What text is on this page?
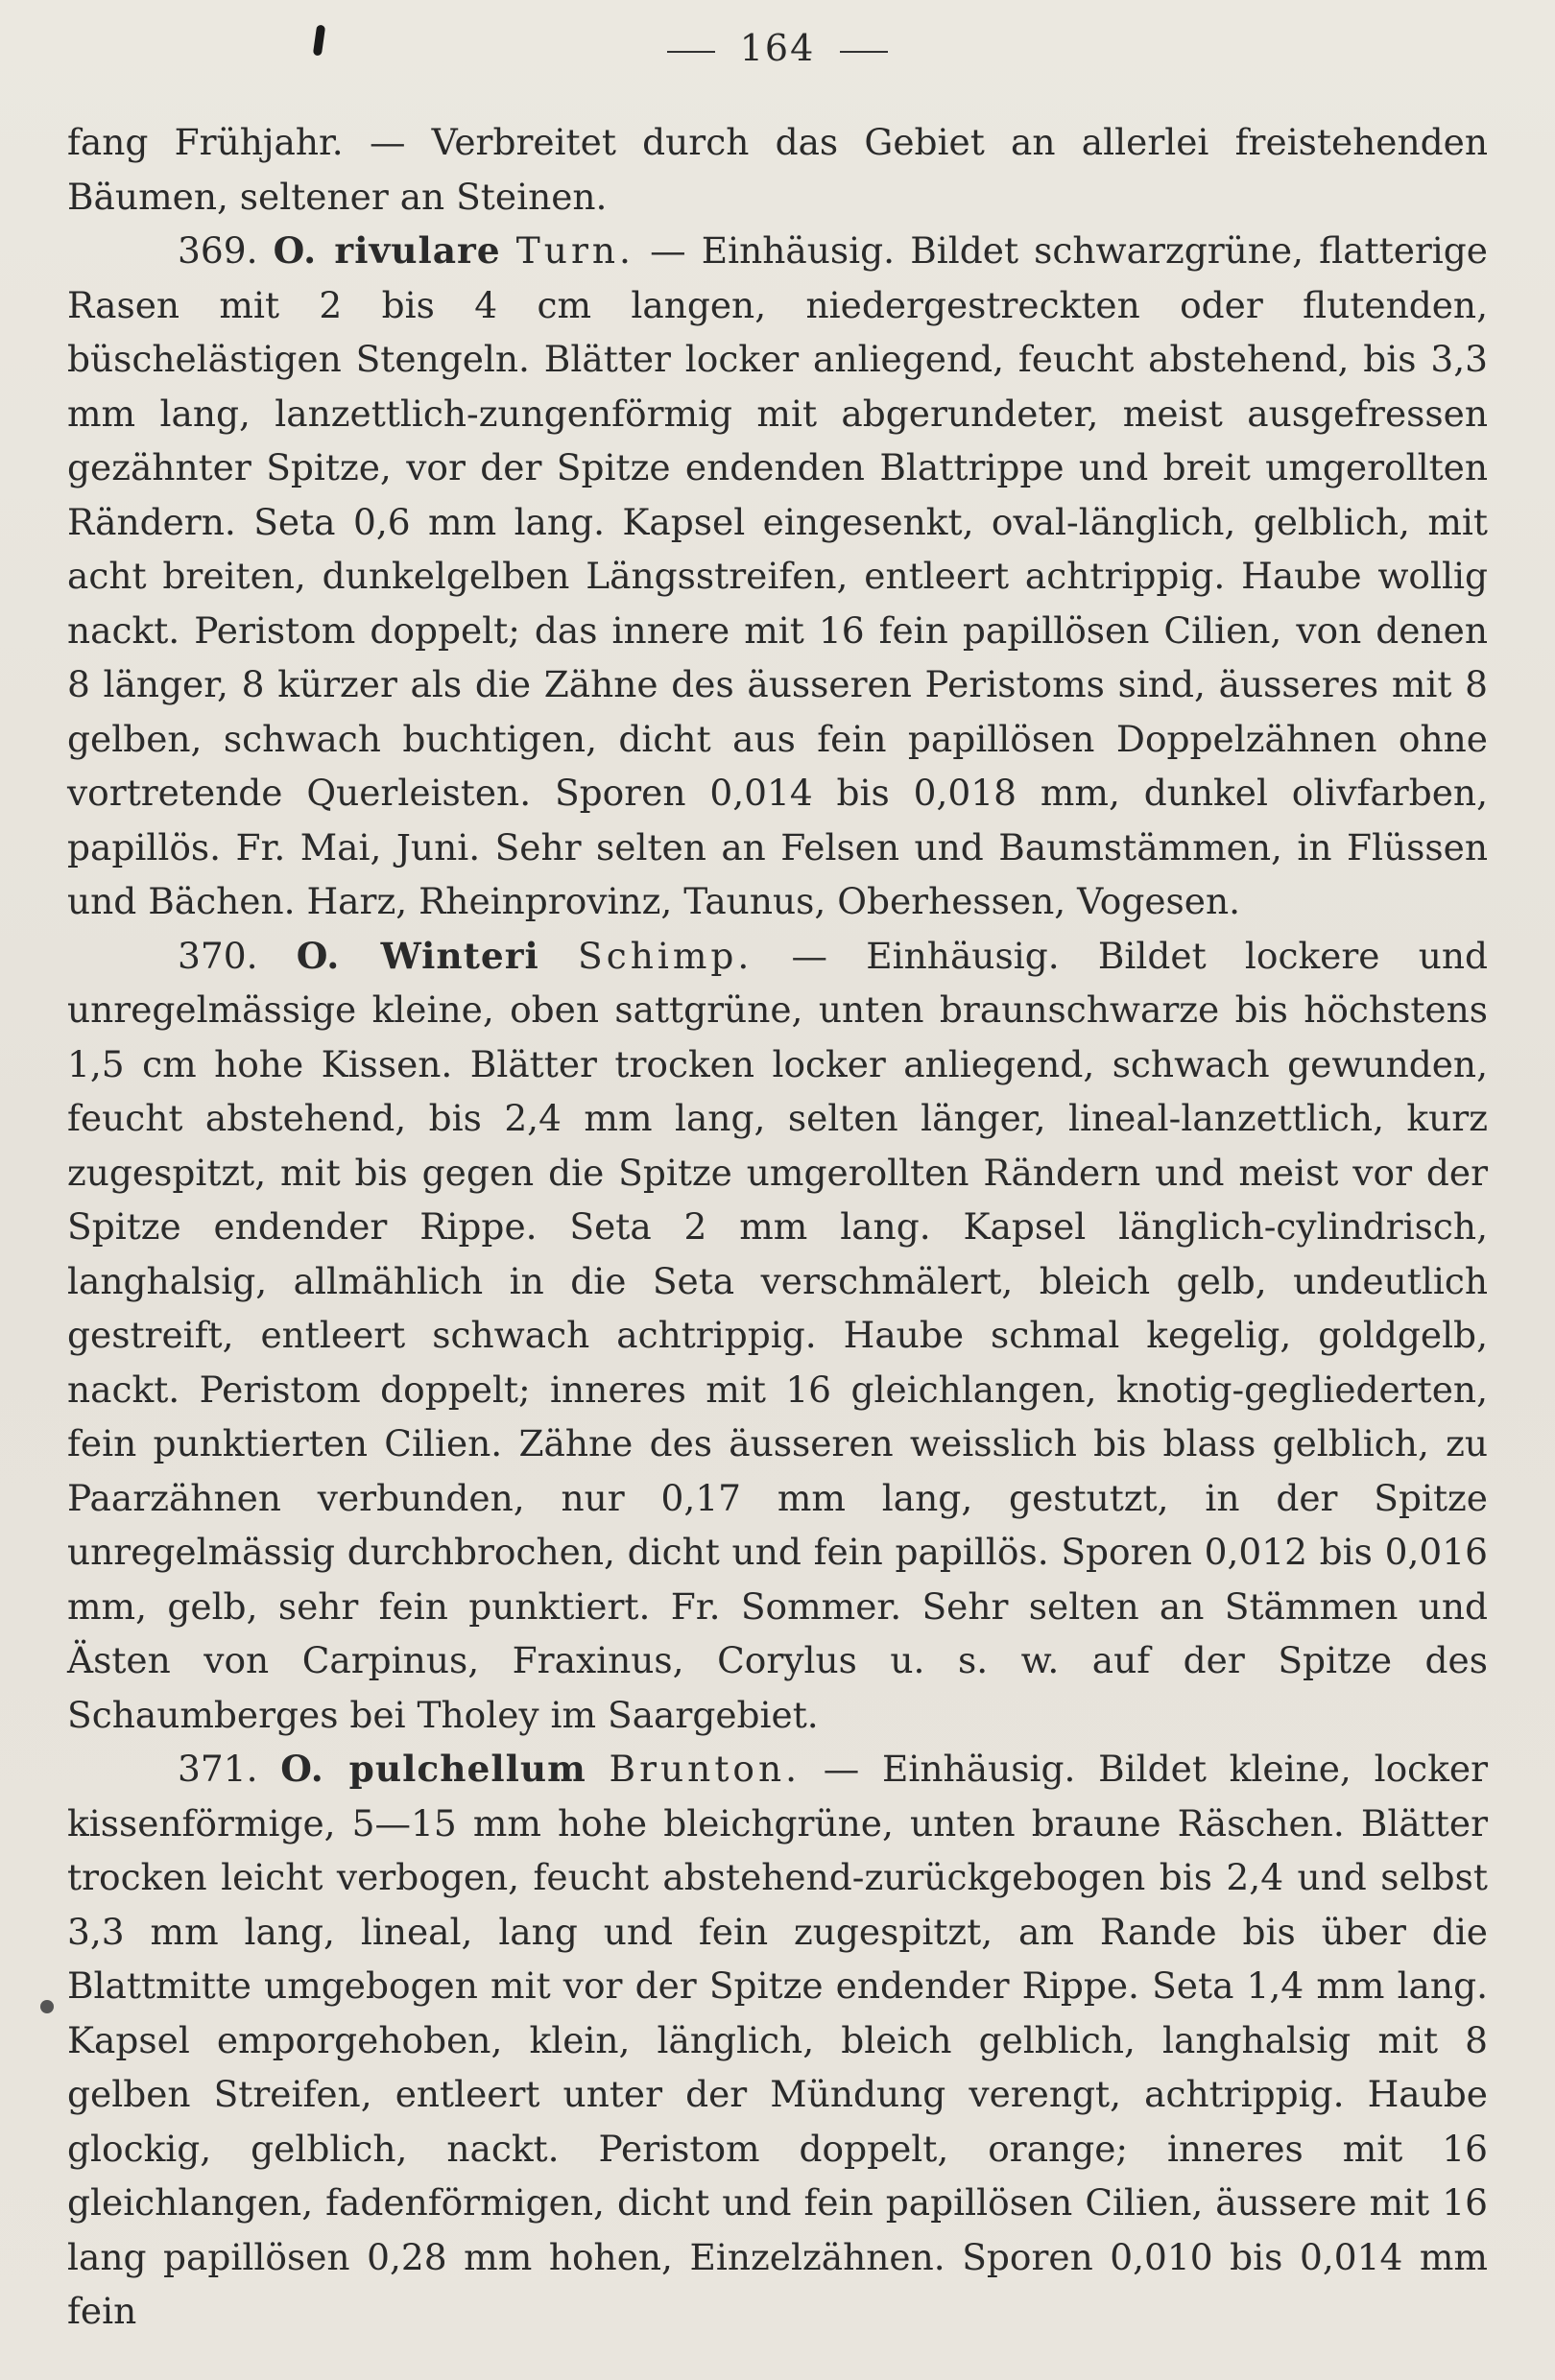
164

fang Frühjahr. — Verbreitet durch das Gebiet an allerlei freistehenden Bäumen, seltener an Steinen.

369. O. rivulare Turn. — Einhäusig. Bildet schwarzgrüne, flatterige Rasen mit 2 bis 4 cm langen, niedergestreckten oder flutenden, büschelästigen Stengeln. Blätter locker anliegend, feucht abstehend, bis 3,3 mm lang, lanzettlich-zungenförmig mit abgerundeter, meist ausgefressen gezähnter Spitze, vor der Spitze endenden Blattrippe und breit umgerollten Rändern. Seta 0,6 mm lang. Kapsel eingesenkt, oval-länglich, gelblich, mit acht breiten, dunkelgelben Längsstreifen, entleert achtrippig. Haube wollig nackt. Peristom doppelt; das innere mit 16 fein papillösen Cilien, von denen 8 länger, 8 kürzer als die Zähne des äusseren Peristoms sind, äusseres mit 8 gelben, schwach buchtigen, dicht aus fein papillösen Doppelzähnen ohne vortretende Querleisten. Sporen 0,014 bis 0,018 mm, dunkel olivfarben, papillös. Fr. Mai, Juni. Sehr selten an Felsen und Baumstämmen, in Flüssen und Bächen. Harz, Rheinprovinz, Taunus, Oberhessen, Vogesen.

370. O. Winteri Schimp. — Einhäusig. Bildet lockere und unregelmässige kleine, oben sattgrüne, unten braunschwarze bis höchstens 1,5 cm hohe Kissen. Blätter trocken locker anliegend, schwach gewunden, feucht abstehend, bis 2,4 mm lang, selten länger, lineal-lanzettlich, kurz zugespitzt, mit bis gegen die Spitze umgerollten Rändern und meist vor der Spitze endender Rippe. Seta 2 mm lang. Kapsel länglich-cylindrisch, langhalsig, allmählich in die Seta verschmälert, bleich gelb, undeutlich gestreift, entleert schwach achtrippig. Haube schmal kegelig, goldgelb, nackt. Peristom doppelt; inneres mit 16 gleichlangen, knotig-gegliederten, fein punktierten Cilien. Zähne des äusseren weisslich bis blass gelblich, zu Paarzähnen verbunden, nur 0,17 mm lang, gestutzt, in der Spitze unregelmässig durchbrochen, dicht und fein papillös. Sporen 0,012 bis 0,016 mm, gelb, sehr fein punktiert. Fr. Sommer. Sehr selten an Stämmen und Ästen von Carpinus, Fraxinus, Corylus u. s. w. auf der Spitze des Schaumberges bei Tholey im Saargebiet.

371. O. pulchellum Brunton. — Einhäusig. Bildet kleine, locker kissenförmige, 5—15 mm hohe bleichgrüne, unten braune Räschen. Blätter trocken leicht verbogen, feucht abstehend-zurückgebogen bis 2,4 und selbst 3,3 mm lang, lineal, lang und fein zugespitzt, am Rande bis über die Blattmitte umgebogen mit vor der Spitze endender Rippe. Seta 1,4 mm lang. Kapsel emporgehoben, klein, länglich, bleich gelblich, langhalsig mit 8 gelben Streifen, entleert unter der Mündung verengt, achtrippig. Haube glockig, gelblich, nackt. Peristom doppelt, orange; inneres mit 16 gleichlangen, fadenförmigen, dicht und fein papillösen Cilien, äussere mit 16 lang papillösen 0,28 mm hohen, Einzelzähnen. Sporen 0,010 bis 0,014 mm fein
